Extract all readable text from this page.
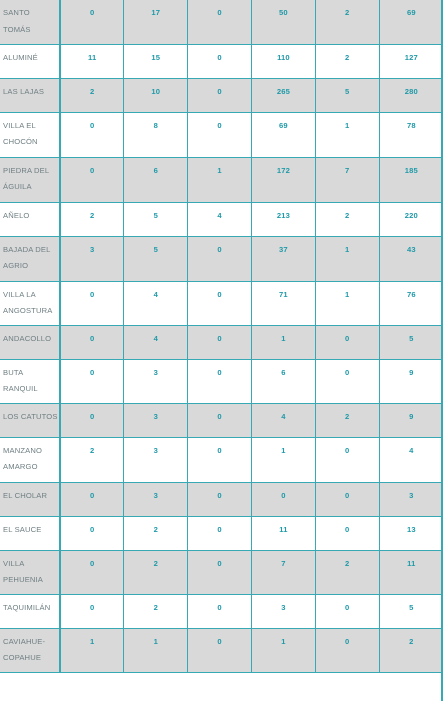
SANTO TOMÁS	0	17	0	50	2	69
ALUMINÉ	11	15	0	110	2	127
LAS LAJAS	2	10	0	265	5	280
VILLA EL CHOCÓN	0	8	0	69	1	78
PIEDRA DEL ÁGUILA	0	6	1	172	7	185
AÑELO	2	5	4	213	2	220
BAJADA DEL AGRIO	3	5	0	37	1	43
VILLA LA ANGOSTURA	0	4	0	71	1	76
ANDACOLLO	0	4	0	1	0	5
BUTA RANQUIL	0	3	0	6	0	9
LOS CATUTOS	0	3	0	4	2	9
MANZANO AMARGO	2	3	0	1	0	4
EL CHOLAR	0	3	0	0	0	3
EL SAUCE	0	2	0	11	0	13
VILLA PEHUENIA	0	2	0	7	2	11
TAQUIMILÁN	0	2	0	3	0	5
CAVIAHUE-COPAHUE	1	1	0	1	0	2
